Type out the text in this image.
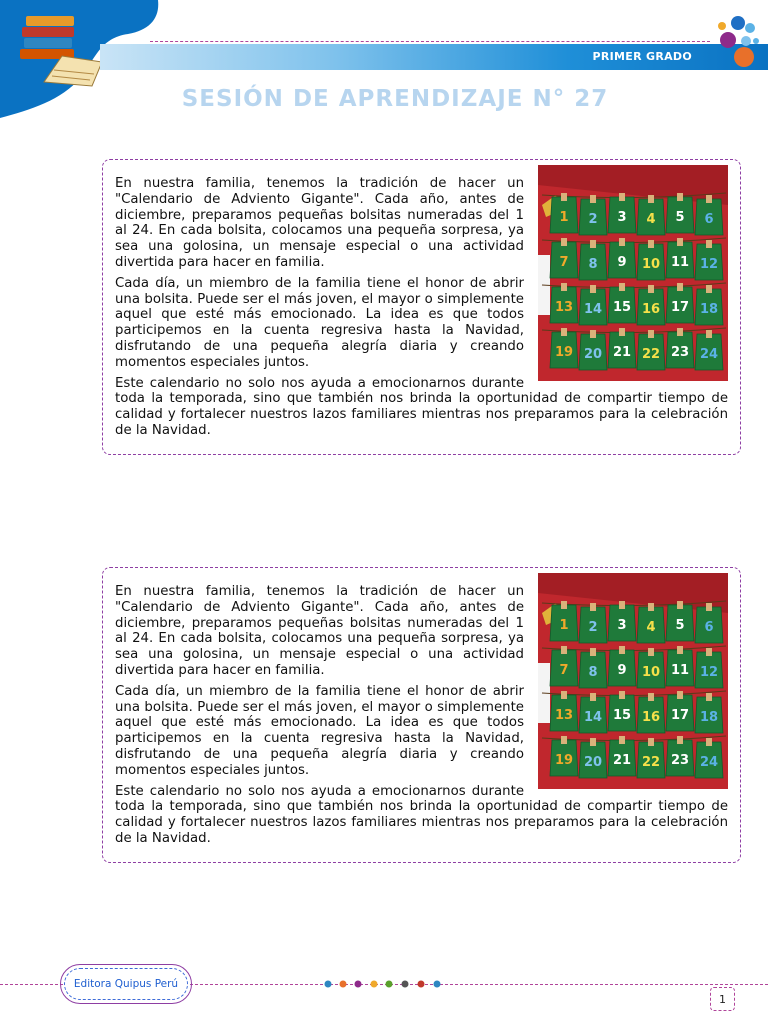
PRIMER GRADO
SESIÓN DE APRENDIZAJE N° 27
1 2 3 4 5 6
7 8 9 10 11 12
13 14 15 16 17 18
19 20 21 22 23 24

En nuestra familia, tenemos la tradición de hacer un "Calendario de Adviento Gigante". Cada año, antes de diciembre, preparamos pequeñas bolsitas numeradas del 1 al 24. En cada bolsita, colocamos una pequeña sorpresa, ya sea una golosina, un mensaje especial o una actividad divertida para hacer en familia.

Cada día, un miembro de la familia tiene el honor de abrir una bolsita. Puede ser el más joven, el mayor o simplemente aquel que esté más emocionado. La idea es que todos participemos en la cuenta regresiva hasta la Navidad, disfrutando de una pequeña alegría diaria y creando momentos especiales juntos.

Este calendario no solo nos ayuda a emocionarnos durante toda la temporada, sino que también nos brinda la oportunidad de compartir tiempo de calidad y fortalecer nuestros lazos familiares mientras nos preparamos para la celebración de la Navidad.

1 2 3 4 5 6
7 8 9 10 11 12
13 14 15 16 17 18
19 20 21 22 23 24

En nuestra familia, tenemos la tradición de hacer un "Calendario de Adviento Gigante". Cada año, antes de diciembre, preparamos pequeñas bolsitas numeradas del 1 al 24. En cada bolsita, colocamos una pequeña sorpresa, ya sea una golosina, un mensaje especial o una actividad divertida para hacer en familia.

Cada día, un miembro de la familia tiene el honor de abrir una bolsita. Puede ser el más joven, el mayor o simplemente aquel que esté más emocionado. La idea es que todos participemos en la cuenta regresiva hasta la Navidad, disfrutando de una pequeña alegría diaria y creando momentos especiales juntos.

Este calendario no solo nos ayuda a emocionarnos durante toda la temporada, sino que también nos brinda la oportunidad de compartir tiempo de calidad y fortalecer nuestros lazos familiares mientras nos preparamos para la celebración de la Navidad.

Editora Quipus Perú
1
